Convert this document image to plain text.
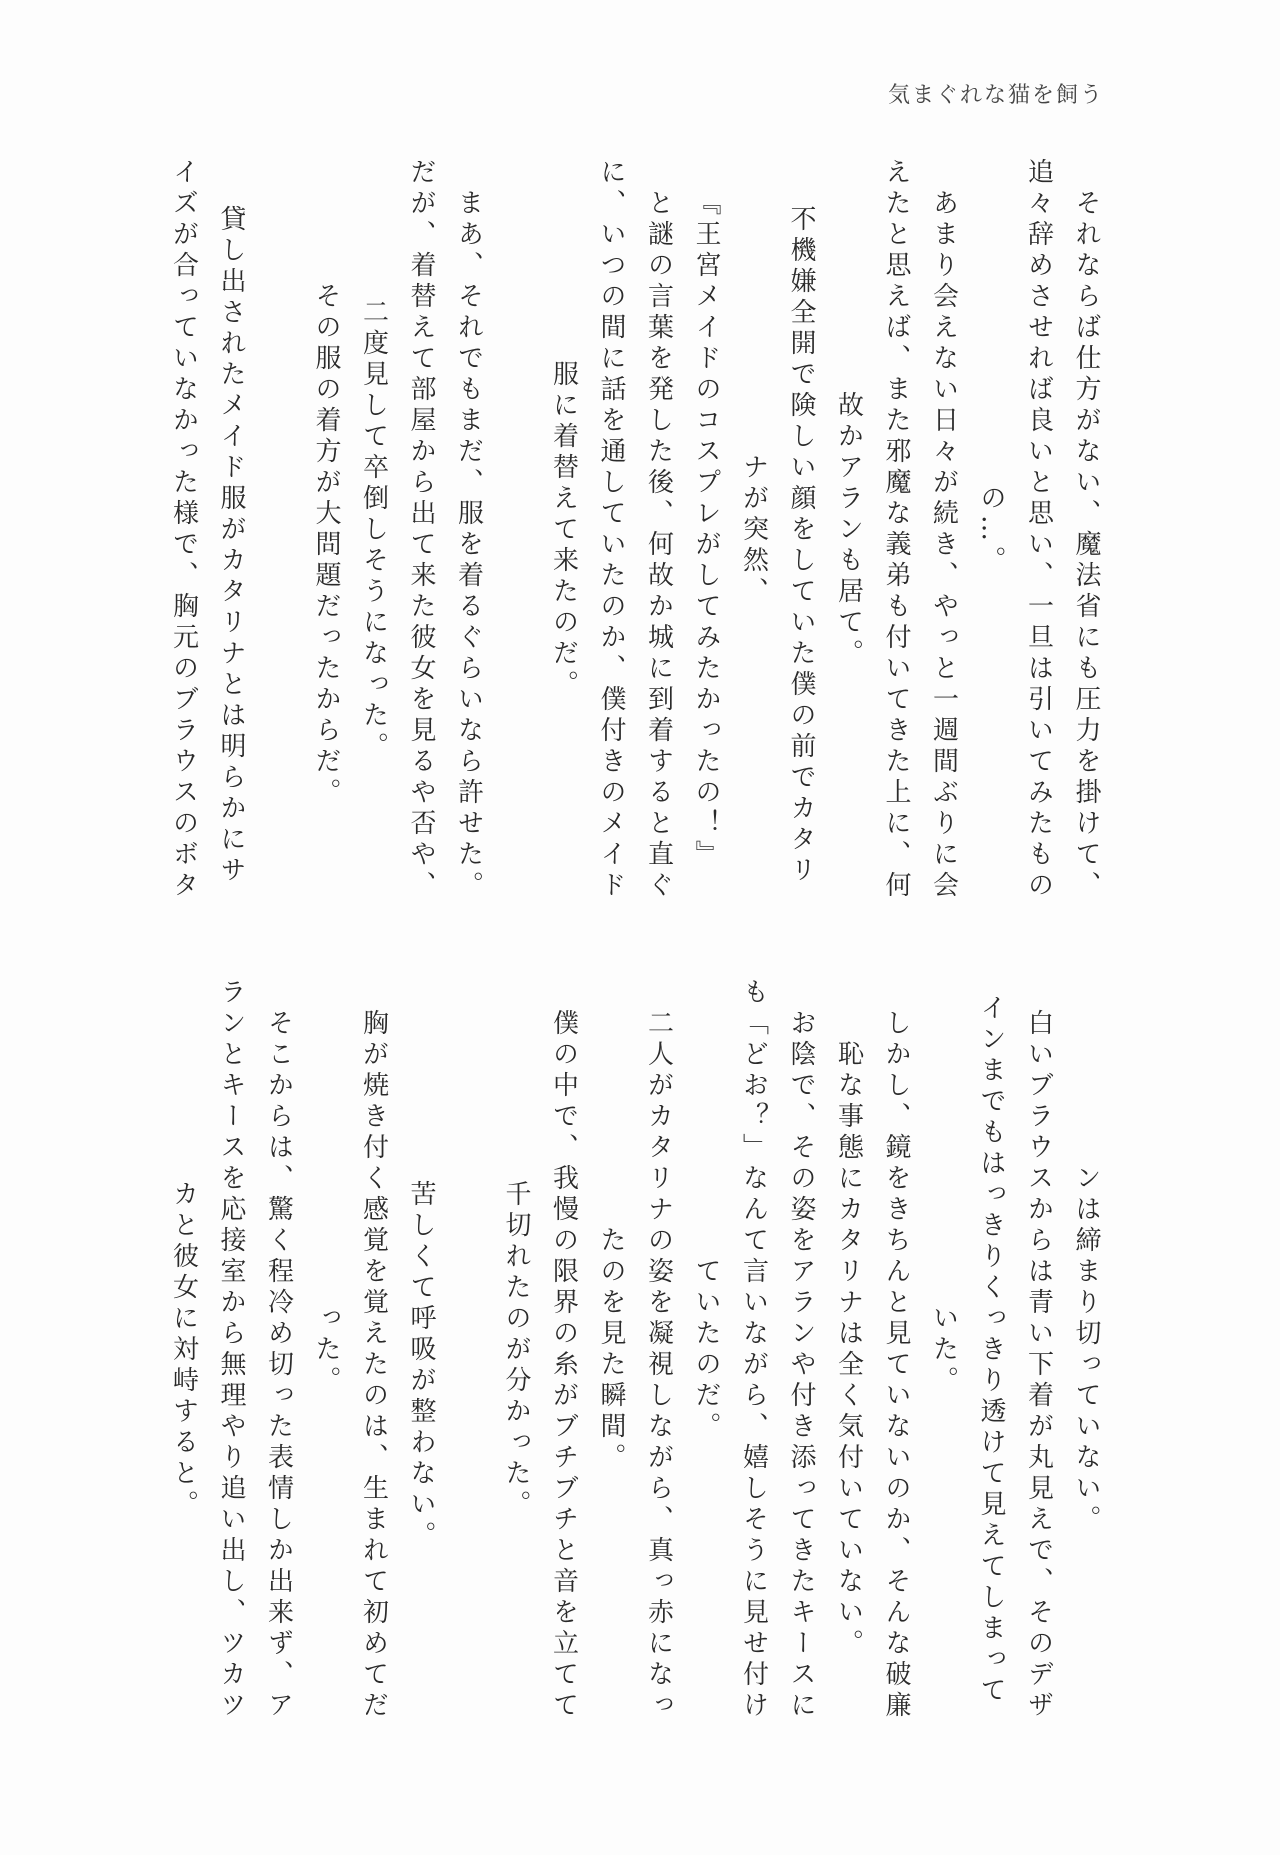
気まぐれな猫を飼う
　それならば仕方がない、魔法省にも圧力を掛けて、
追々辞めさせれば良いと思い、一旦は引いてみたもの
の…。
　あまり会えない日々が続き、やっと一週間ぶりに会
えたと思えば、また邪魔な義弟も付いてきた上に、何
故かアランも居て。
　不機嫌全開で険しい顔をしていた僕の前でカタリ
ナが突然、
『王宮メイドのコスプレがしてみたかったの！』
　と謎の言葉を発した後、何故か城に到着すると直ぐ
に、いつの間に話を通していたのか、僕付きのメイド
服に着替えて来たのだ。
　まあ、それでもまだ、服を着るぐらいなら許せた。
だが、着替えて部屋から出て来た彼女を見るや否や、
二度見して卒倒しそうになった。
　その服の着方が大問題だったからだ。
　貸し出されたメイド服がカタリナとは明らかにサ
イズが合っていなかった様で、胸元のブラウスのボタ
ンは締まり切っていない。
　白いブラウスからは青い下着が丸見えで、そのデザ
インまでもはっきりくっきり透けて見えてしまって
いた。
　しかし、鏡をきちんと見ていないのか、そんな破廉
恥な事態にカタリナは全く気付いていない。
　お陰で、その姿をアランや付き添ってきたキースに
も「どお？」なんて言いながら、嬉しそうに見せ付け
ていたのだ。
　二人がカタリナの姿を凝視しながら、真っ赤になっ
たのを見た瞬間。
　僕の中で、我慢の限界の糸がブチブチと音を立てて
千切れたのが分かった。
　苦しくて呼吸が整わない。
　胸が焼き付く感覚を覚えたのは、生まれて初めてだ
った。
　そこからは、驚く程冷め切った表情しか出来ず、ア
ランとキースを応接室から無理やり追い出し、ツカツ
カと彼女に対峙すると。
